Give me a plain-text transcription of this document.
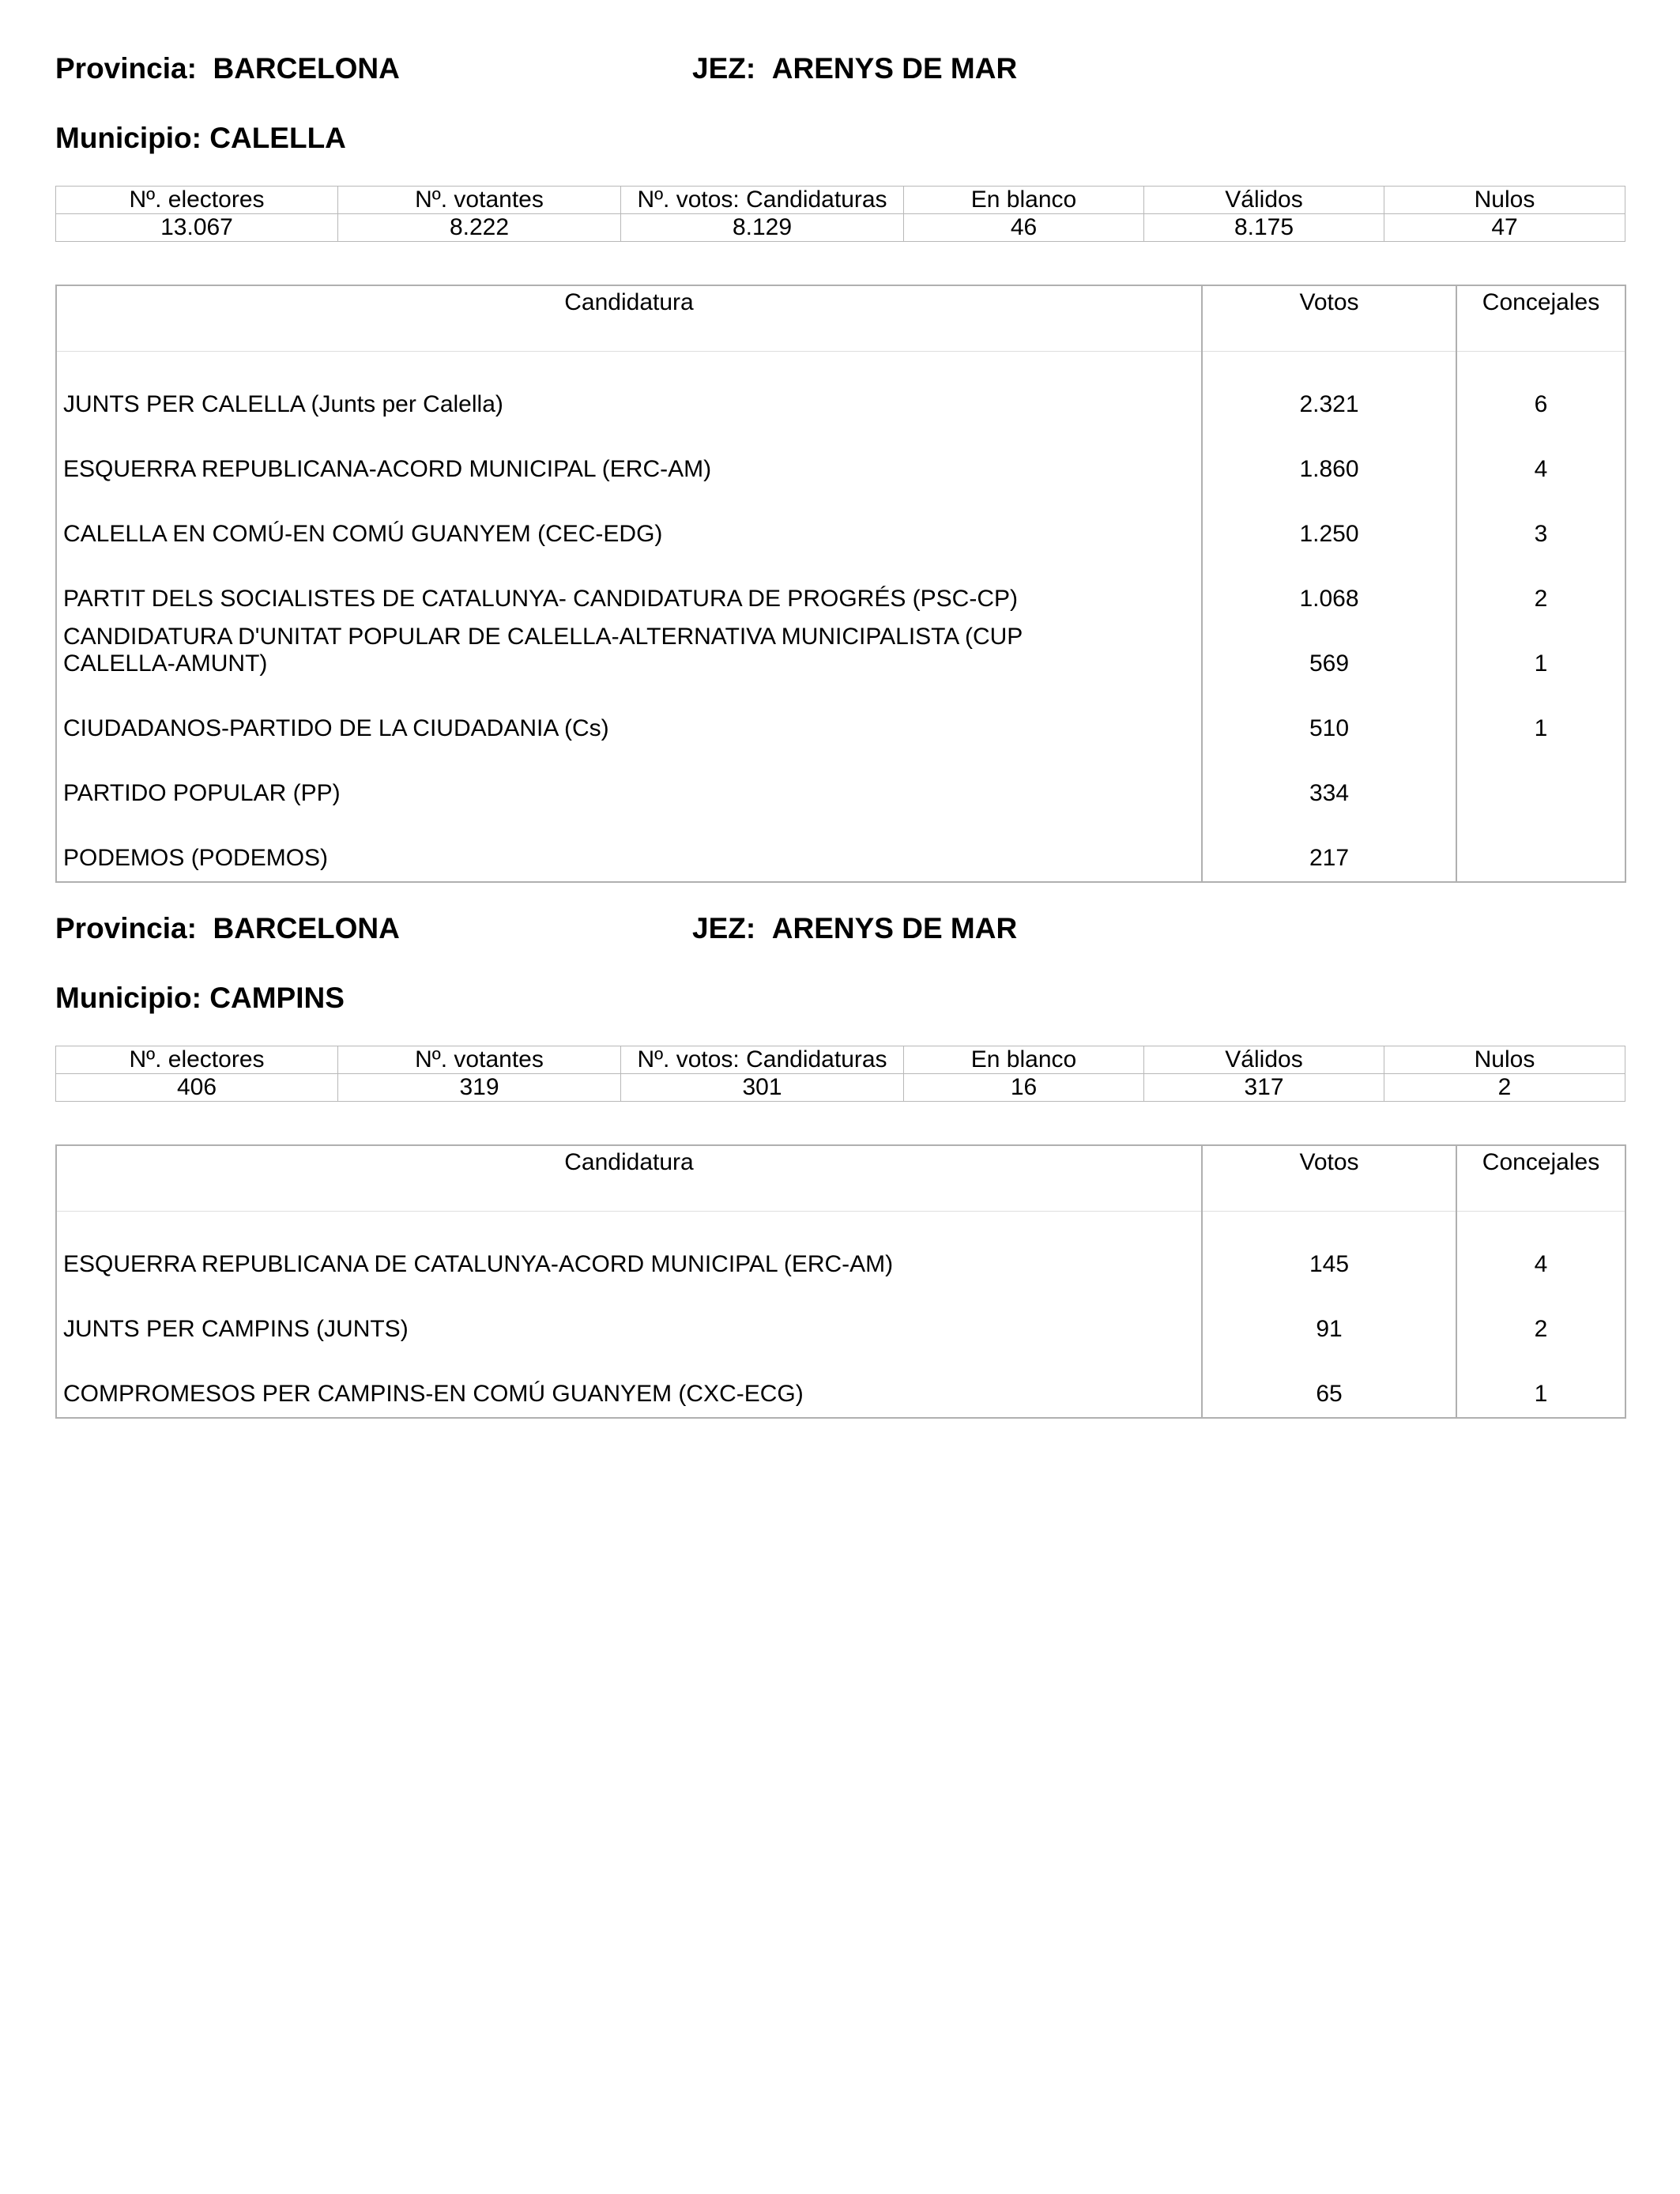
Provincia: BARCELONA	JEZ: ARENYS DE MAR
Municipio: CALELLA
Nº. electores	Nº. votantes	Nº. votos: Candidaturas	En blanco	Válidos	Nulos
13.067	8.222	8.129	46	8.175	47
Candidatura	Votos	Concejales

JUNTS PER CALELLA (Junts per Calella)	2.321	6
ESQUERRA REPUBLICANA-ACORD MUNICIPAL (ERC-AM)	1.860	4
CALELLA EN COMÚ-EN COMÚ GUANYEM (CEC-EDG)	1.250	3
PARTIT DELS SOCIALISTES DE CATALUNYA- CANDIDATURA DE PROGRÉS (PSC-CP)	1.068	2
CANDIDATURA D'UNITAT POPULAR DE CALELLA-ALTERNATIVA MUNICIPALISTA (CUP CALELLA-AMUNT)	569	1
CIUDADANOS-PARTIDO DE LA CIUDADANIA (Cs)	510	1
PARTIDO POPULAR (PP)	334	
PODEMOS (PODEMOS)	217	
Provincia: BARCELONA	JEZ: ARENYS DE MAR
Municipio: CAMPINS
Nº. electores	Nº. votantes	Nº. votos: Candidaturas	En blanco	Válidos	Nulos
406	319	301	16	317	2
Candidatura	Votos	Concejales

ESQUERRA REPUBLICANA DE CATALUNYA-ACORD MUNICIPAL (ERC-AM)	145	4
JUNTS PER CAMPINS (JUNTS)	91	2
COMPROMESOS PER CAMPINS-EN COMÚ GUANYEM (CXC-ECG)	65	1
